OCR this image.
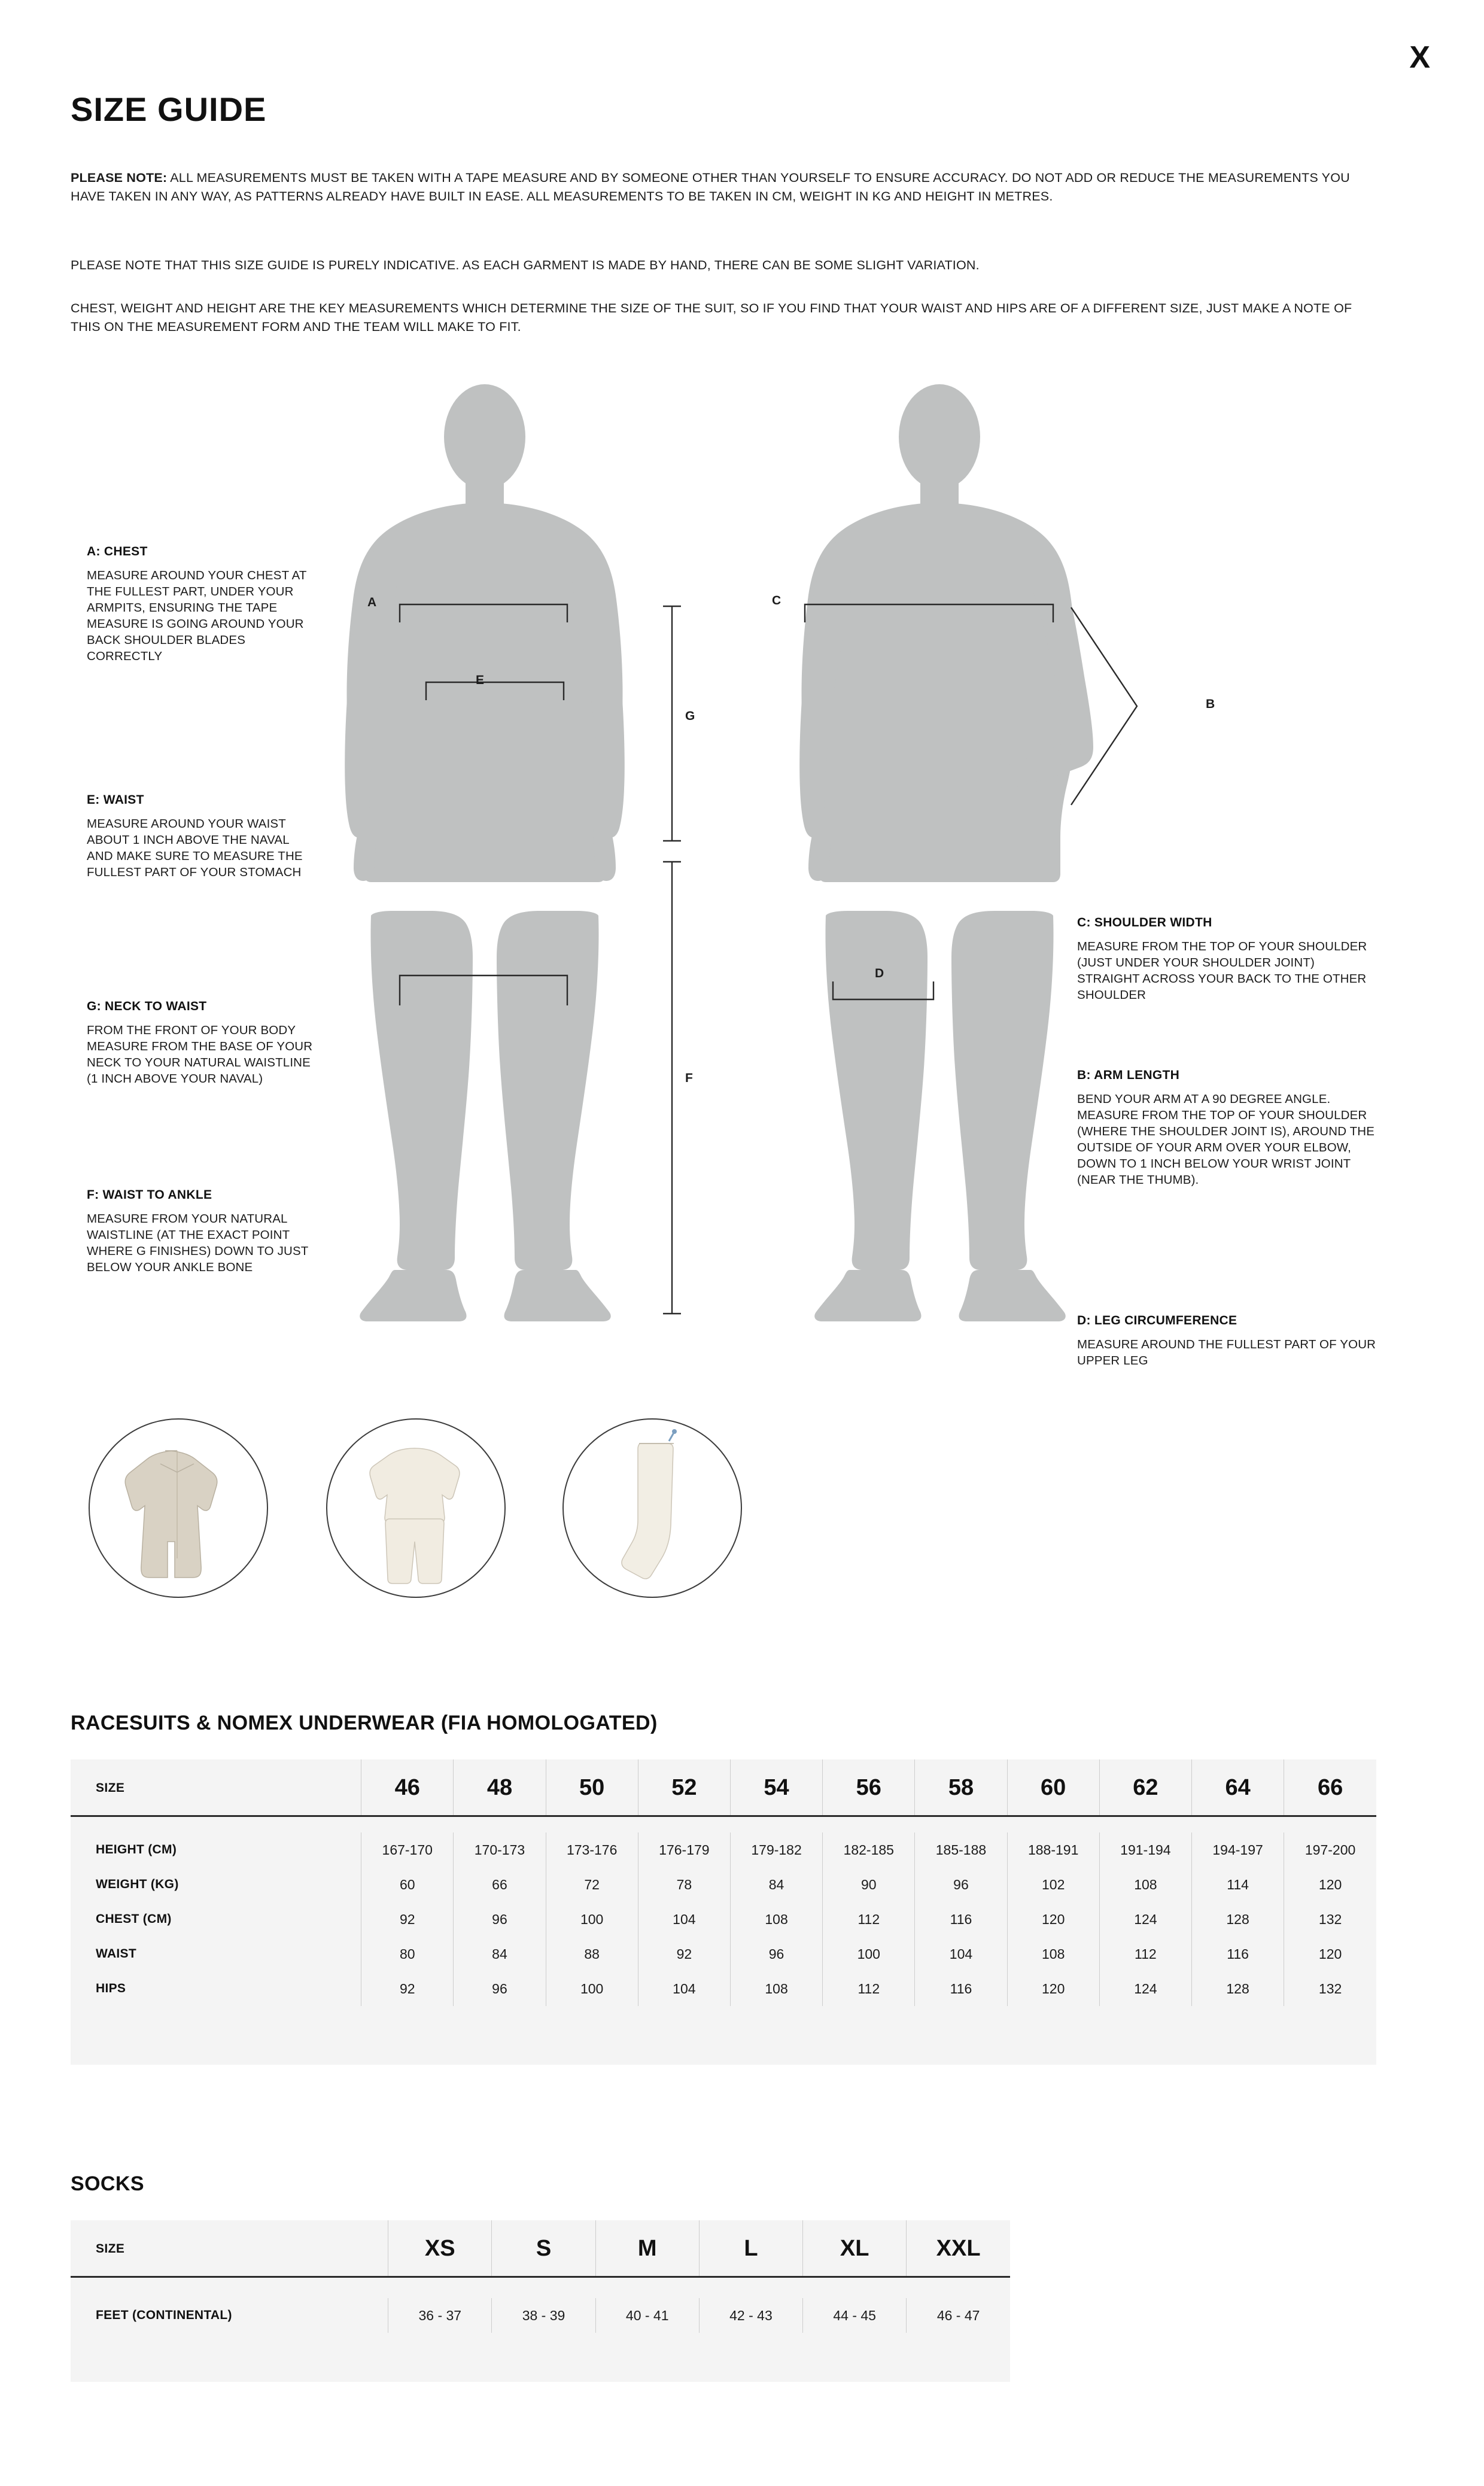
X
SIZE GUIDE
PLEASE NOTE: ALL MEASUREMENTS MUST BE TAKEN WITH A TAPE MEASURE AND BY SOMEONE OTHER THAN YOURSELF TO ENSURE ACCURACY. DO NOT ADD OR REDUCE THE MEASUREMENTS YOU HAVE TAKEN IN ANY WAY, AS PATTERNS ALREADY HAVE BUILT IN EASE. ALL MEASUREMENTS TO BE TAKEN IN CM, WEIGHT IN KG AND HEIGHT IN METRES.
PLEASE NOTE THAT THIS SIZE GUIDE IS PURELY INDICATIVE. AS EACH GARMENT IS MADE BY HAND, THERE CAN BE SOME SLIGHT VARIATION.
CHEST, WEIGHT AND HEIGHT ARE THE KEY MEASUREMENTS WHICH DETERMINE THE SIZE OF THE SUIT, SO IF YOU FIND THAT YOUR WAIST AND HIPS ARE OF A DIFFERENT SIZE, JUST MAKE A NOTE OF THIS ON THE MEASUREMENT FORM AND THE TEAM WILL MAKE TO FIT.
A
E
G
F
C
B
D
A: CHEST
MEASURE AROUND YOUR CHEST AT THE FULLEST PART, UNDER YOUR ARMPITS, ENSURING THE TAPE MEASURE IS GOING AROUND YOUR BACK SHOULDER BLADES CORRECTLY
E: WAIST
MEASURE AROUND YOUR WAIST ABOUT 1 INCH ABOVE THE NAVAL AND MAKE SURE TO MEASURE THE FULLEST PART OF YOUR STOMACH
G: NECK TO WAIST
FROM THE FRONT OF YOUR BODY MEASURE FROM THE BASE OF YOUR NECK TO YOUR NATURAL WAISTLINE (1 INCH ABOVE YOUR NAVAL)
F: WAIST TO ANKLE
MEASURE FROM YOUR NATURAL WAISTLINE (AT THE EXACT POINT WHERE G FINISHES) DOWN TO JUST BELOW YOUR ANKLE BONE
C: SHOULDER WIDTH
MEASURE FROM THE TOP OF YOUR SHOULDER (JUST UNDER YOUR SHOULDER JOINT) STRAIGHT ACROSS YOUR BACK TO THE OTHER SHOULDER
B: ARM LENGTH
BEND YOUR ARM AT A 90 DEGREE ANGLE. MEASURE FROM THE TOP OF YOUR SHOULDER (WHERE THE SHOULDER JOINT IS), AROUND THE OUTSIDE OF YOUR ARM OVER YOUR ELBOW, DOWN TO 1 INCH BELOW YOUR WRIST JOINT (NEAR THE THUMB).
D: LEG CIRCUMFERENCE
MEASURE AROUND THE FULLEST PART OF YOUR UPPER LEG
RACESUITS & NOMEX UNDERWEAR (FIA HOMOLOGATED)
SIZE	46	48	50	52	54	56	58	60	62	64	66

HEIGHT (CM)	167-170	170-173	173-176	176-179	179-182	182-185	185-188	188-191	191-194	194-197	197-200
WEIGHT (KG)	60	66	72	78	84	90	96	102	108	114	120
CHEST (CM)	92	96	100	104	108	112	116	120	124	128	132
WAIST	80	84	88	92	96	100	104	108	112	116	120
HIPS	92	96	100	104	108	112	116	120	124	128	132
SOCKS
SIZE	XS	S	M	L	XL	XXL

FEET (CONTINENTAL)	36 - 37	38 - 39	40 - 41	42 - 43	44 - 45	46 - 47
